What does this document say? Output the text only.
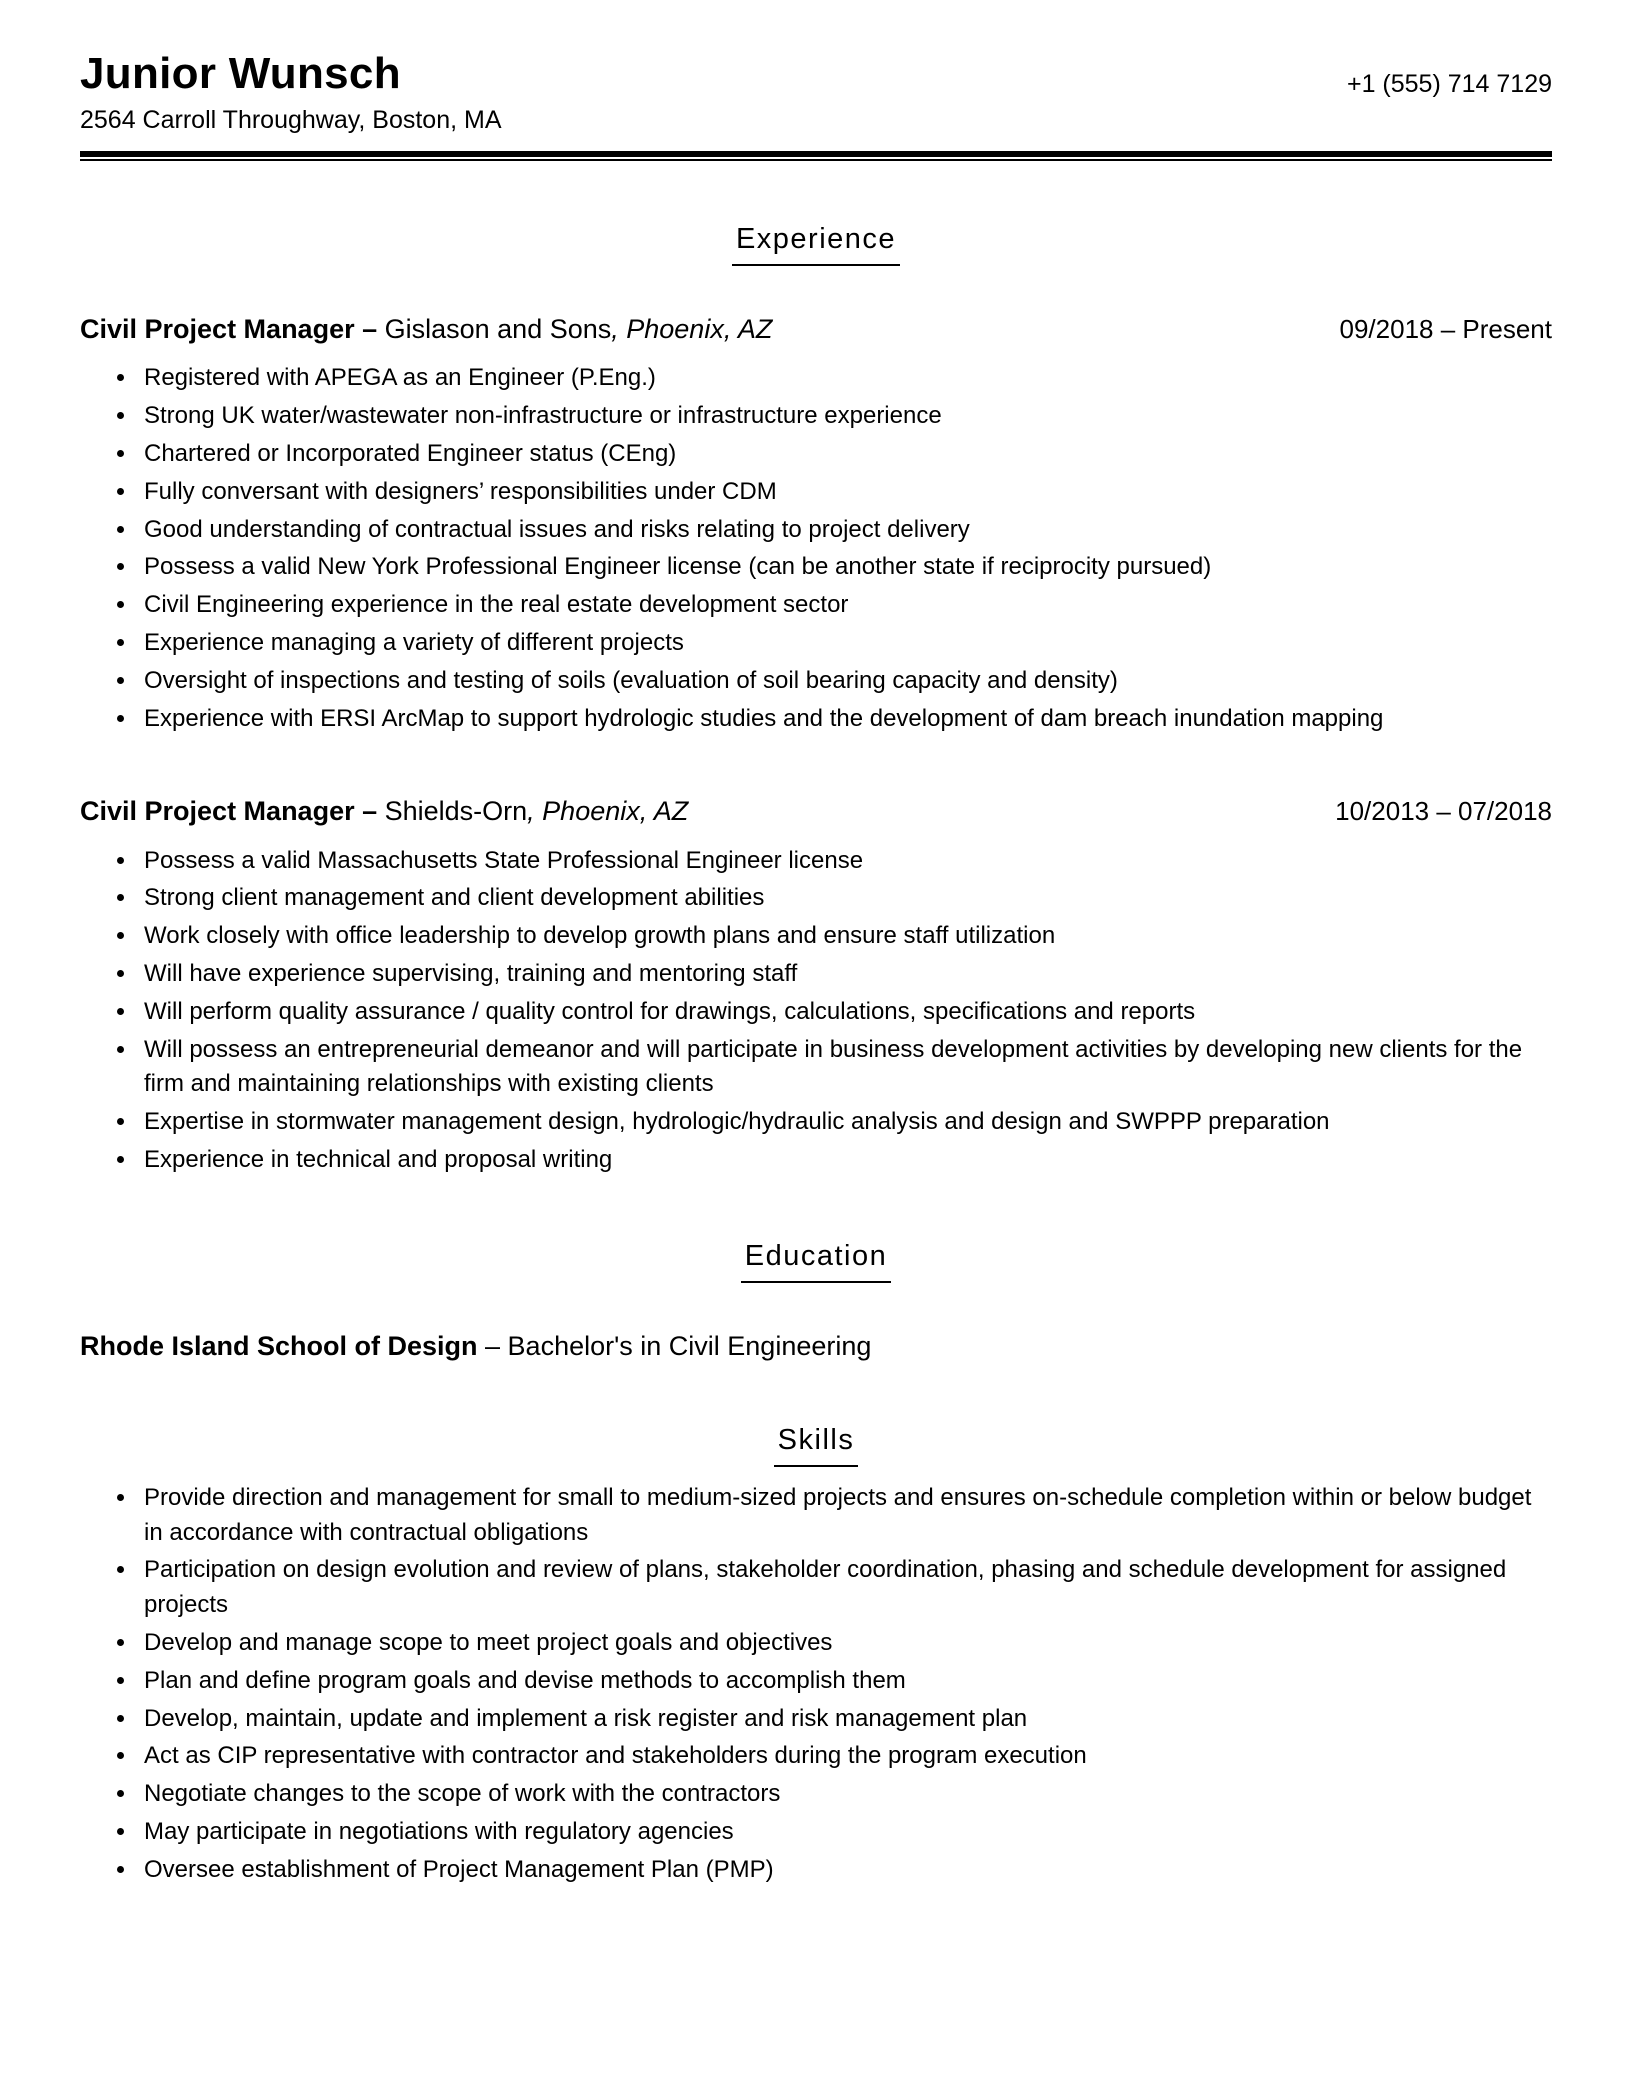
Junior Wunsch
2564 Carroll Throughway, Boston, MA
+1 (555) 714 7129
Experience
Civil Project Manager – Gislason and Sons, Phoenix, AZ	09/2018 – Present
• Registered with APEGA as an Engineer (P.Eng.)
• Strong UK water/wastewater non-infrastructure or infrastructure experience
• Chartered or Incorporated Engineer status (CEng)
• Fully conversant with designers’ responsibilities under CDM
• Good understanding of contractual issues and risks relating to project delivery
• Possess a valid New York Professional Engineer license (can be another state if reciprocity pursued)
• Civil Engineering experience in the real estate development sector
• Experience managing a variety of different projects
• Oversight of inspections and testing of soils (evaluation of soil bearing capacity and density)
• Experience with ERSI ArcMap to support hydrologic studies and the development of dam breach inundation mapping
Civil Project Manager – Shields-Orn, Phoenix, AZ	10/2013 – 07/2018
• Possess a valid Massachusetts State Professional Engineer license
• Strong client management and client development abilities
• Work closely with office leadership to develop growth plans and ensure staff utilization
• Will have experience supervising, training and mentoring staff
• Will perform quality assurance / quality control for drawings, calculations, specifications and reports
• Will possess an entrepreneurial demeanor and will participate in business development activities by developing new clients for the firm and maintaining relationships with existing clients
• Expertise in stormwater management design, hydrologic/hydraulic analysis and design and SWPPP preparation
• Experience in technical and proposal writing
Education
Rhode Island School of Design – Bachelor's in Civil Engineering
Skills
• Provide direction and management for small to medium-sized projects and ensures on-schedule completion within or below budget in accordance with contractual obligations
• Participation on design evolution and review of plans, stakeholder coordination, phasing and schedule development for assigned projects
• Develop and manage scope to meet project goals and objectives
• Plan and define program goals and devise methods to accomplish them
• Develop, maintain, update and implement a risk register and risk management plan
• Act as CIP representative with contractor and stakeholders during the program execution
• Negotiate changes to the scope of work with the contractors
• May participate in negotiations with regulatory agencies
• Oversee establishment of Project Management Plan (PMP)
